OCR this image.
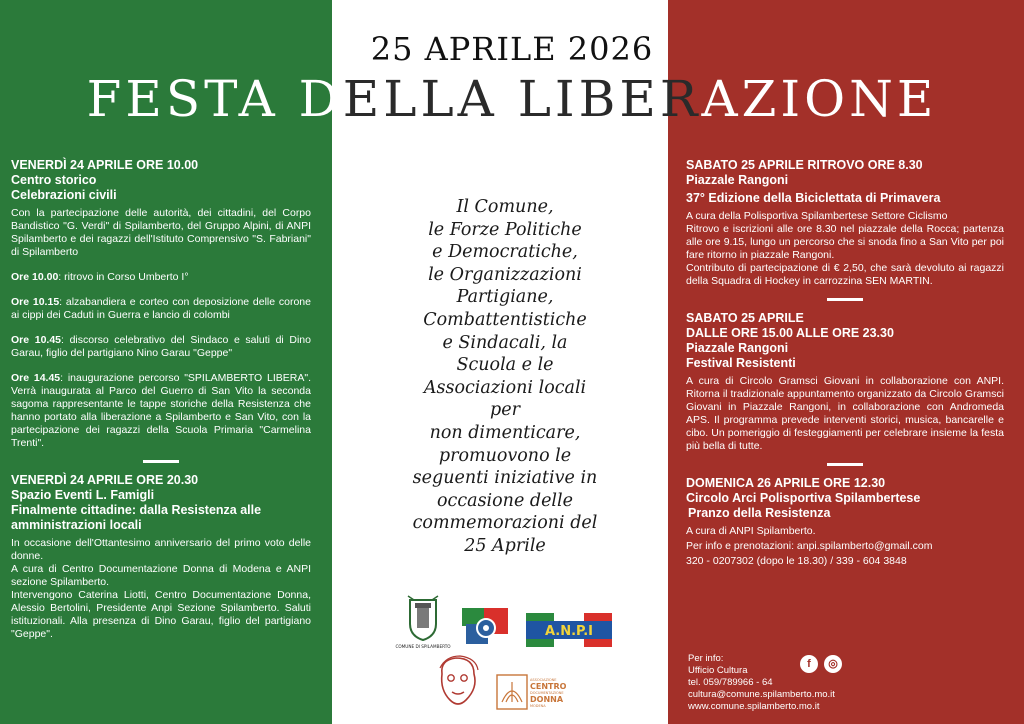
25 APRILE 2026
FESTA DELLA LIBERAZIONE
VENERDÌ 24 APRILE ORE 10.00
Centro storico
Celebrazioni civili
Con la partecipazione delle autorità, dei cittadini, del Corpo Bandistico "G. Verdi" di Spilamberto, del Gruppo Alpini, di ANPI Spilamberto e dei ragazzi dell'Istituto Comprensivo "S. Fabriani" di Spilamberto
Ore 10.00: ritrovo in Corso Umberto I°
Ore 10.15: alzabandiera e corteo con deposizione delle corone ai cippi dei Caduti in Guerra e lancio di colombi
Ore 10.45: discorso celebrativo del Sindaco e saluti di Dino Garau, figlio del partigiano Nino Garau "Geppe"
Ore 14.45: inaugurazione percorso "SPILAMBERTO LIBERA". Verrà inaugurata al Parco del Guerro di San Vito la seconda sagoma rappresentante le tappe storiche della Resistenza che hanno portato alla liberazione a Spilamberto e San Vito, con la partecipazione dei ragazzi della Scuola Primaria "Carmelina Trenti".
VENERDÌ 24 APRILE ORE 20.30
Spazio Eventi L. Famigli
Finalmente cittadine: dalla Resistenza alle amministrazioni locali
In occasione dell'Ottantesimo anniversario del primo voto delle donne.
A cura di Centro Documentazione Donna di Modena e ANPI sezione Spilamberto.
Intervengono Caterina Liotti, Centro Documentazione Donna, Alessio Bertolini, Presidente Anpi Sezione Spilamberto. Saluti istituzionali. Alla presenza di Dino Garau, figlio del partigiano "Geppe".
Il Comune,
le Forze Politiche
e Democratiche,
le Organizzazioni
Partigiane,
Combattentistiche
e Sindacali, la
Scuola e le
Associazioni locali
per
non dimenticare,
promuovono le
seguenti iniziative in
occasione delle
commemorazioni del
25 Aprile
COMUNE DI SPILAMBERTO
A.N.P.I
ASSOCIAZIONE
CENTRO
DOCUMENTAZIONE
DONNA
MODENA
SABATO 25 APRILE RITROVO ORE 8.30
Piazzale Rangoni
37° Edizione della Biciclettata di Primavera
A cura della Polisportiva Spilambertese Settore Ciclismo
Ritrovo e iscrizioni alle ore 8.30 nel piazzale della Rocca; partenza alle ore 9.15, lungo un percorso che si snoda fino a San Vito per poi fare ritorno in piazzale Rangoni.
Contributo di partecipazione di € 2,50, che sarà devoluto ai ragazzi della Squadra di Hockey in carrozzina SEN MARTIN.
SABATO 25 APRILE
DALLE ORE 15.00 ALLE ORE 23.30
Piazzale Rangoni
Festival Resistenti
A cura di Circolo Gramsci Giovani in collaborazione con ANPI. Ritorna il tradizionale appuntamento organizzato da Circolo Gramsci Giovani in Piazzale Rangoni, in collaborazione con Andromeda APS. Il programma prevede interventi storici, musica, bancarelle e cibo. Un pomeriggio di festeggiamenti per celebrare insieme la festa più bella di tutte.
DOMENICA 26 APRILE ORE 12.30
Circolo Arci Polisportiva Spilambertese
Pranzo della Resistenza
A cura di ANPI Spilamberto.
Per info e prenotazioni: anpi.spilamberto@gmail.com
320 - 0207302 (dopo le 18.30) / 339 - 604 3848
Per info:
Ufficio Cultura
tel. 059/789966 - 64
cultura@comune.spilamberto.mo.it
www.comune.spilamberto.mo.it
f	◎
